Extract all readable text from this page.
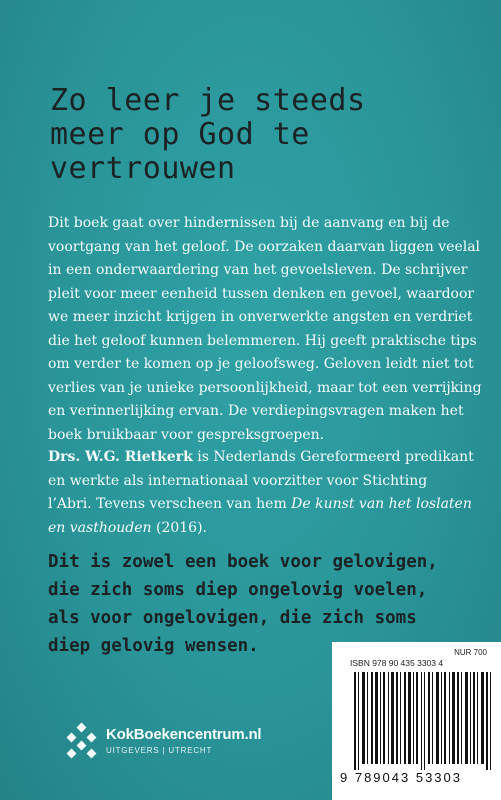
Zo leer je steeds
meer op God te
vertrouwen
Dit boek gaat over hindernissen bij de aanvang en bij de
voortgang van het geloof. De oorzaken daarvan liggen veelal
in een onderwaardering van het gevoelsleven. De schrijver
pleit voor meer eenheid tussen denken en gevoel, waardoor
we meer inzicht krijgen in onverwerkte angsten en verdriet
die het geloof kunnen belemmeren. Hij geeft praktische tips
om verder te komen op je geloofsweg. Geloven leidt niet tot
verlies van je unieke persoonlijkheid, maar tot een verrijking
en verinnerlijking ervan. De verdiepingsvragen maken het
boek bruikbaar voor gespreksgroepen.
Drs. W.G. Rietkerk is Nederlands Gereformeerd predikant
en werkte als internationaal voorzitter voor Stichting
l’Abri. Tevens verscheen van hem De kunst van het loslaten
en vasthouden (2016).
Dit is zowel een boek voor gelovigen,
die zich soms diep ongelovig voelen,
als voor ongelovigen, die zich soms
diep gelovig wensen.
KokBoekencentrum.nl
UITGEVERS | UTRECHT
NUR 700
ISBN 978 90 435 3303 4
9 789043 53303
